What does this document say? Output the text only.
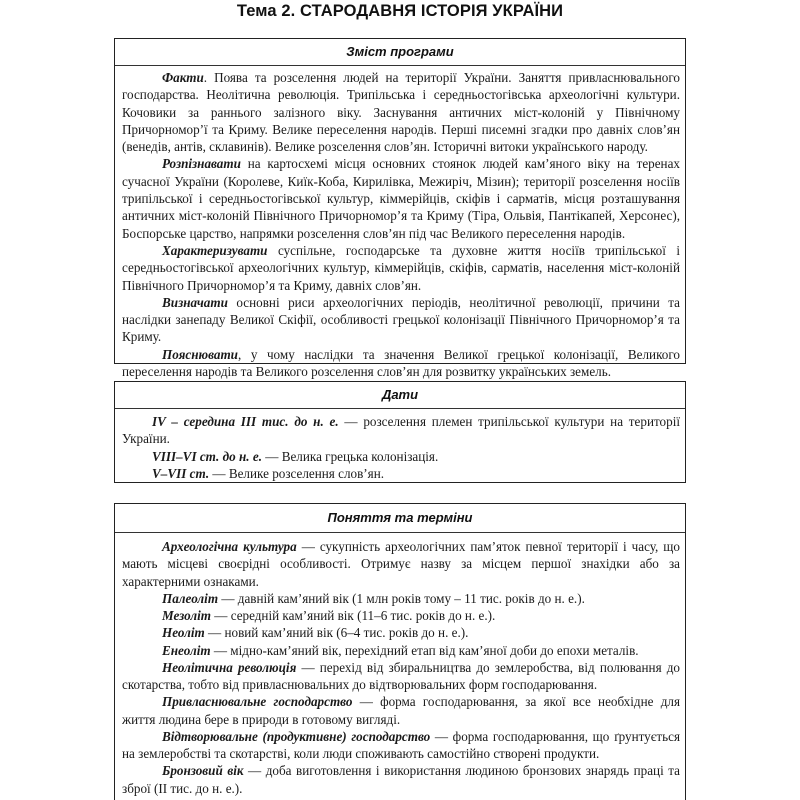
Тема 2. СТАРОДАВНЯ ІСТОРІЯ УКРАЇНИ
Зміст програми

Факти. Поява та розселення людей на території України. Заняття привласнювального господарства. Неолітична революція. Трипільська і середньостогівська археологічні культури. Кочовики за раннього залізного віку. Заснування античних міст-колоній у Північному Причорномор’ї та Криму. Велике переселення народів. Перші писемні згадки про давніх слов’ян (венедів, антів, склавинів). Велике розселення слов’ян. Історичні витоки українського народу.

Розпізнавати на картосхемі місця основних стоянок людей кам’яного віку на теренах сучасної України (Королеве, Киїк-Коба, Кирилівка, Межиріч, Мізин); території розселення носіїв трипільської і середньостогівської культур, кіммерійців, скіфів і сарматів, місця розташування античних міст-колоній Північного Причорномор’я та Криму (Тіра, Ольвія, Пантікапей, Херсонес), Боспорське царство, напрямки розселення слов’ян під час Великого переселення народів.

Характеризувати суспільне, господарське та духовне життя носіїв трипільської і середньостогівської археологічних культур, кіммерійців, скіфів, сарматів, населення міст-колоній Північного Причорномор’я та Криму, давніх слов’ян.

Визначати основні риси археологічних періодів, неолітичної революції, причини та наслідки занепаду Великої Скіфії, особливості грецької колонізації Північного Причорномор’я та Криму.

Пояснювати, у чому наслідки та значення Великої грецької колонізації, Великого переселення народів та Великого розселення слов’ян для розвитку українських земель.

Дати

IV – середина III тис. до н. е. — розселення племен трипільської культури на території України.

VIII–VI ст. до н. е. — Велика грецька колонізація.

V–VII ст. — Велике розселення слов’ян.

Поняття та терміни

Археологічна культура — сукупність археологічних пам’яток певної території і часу, що мають місцеві своєрідні особливості. Отримує назву за місцем першої знахідки або за характерними ознаками.

Палеоліт — давній кам’яний вік (1 млн років тому – 11 тис. років до н. е.).

Мезоліт — середній кам’яний вік (11–6 тис. років до н. е.).

Неоліт — новий кам’яний вік (6–4 тис. років до н. е.).

Енеоліт — мідно-кам’яний вік, перехідний етап від кам’яної доби до епохи металів.

Неолітична революція — перехід від збиральництва до землеробства, від полювання до скотарства, тобто від привласнювальних до відтворювальних форм господарювання.

Привласнювальне господарство — форма господарювання, за якої все необхідне для життя людина бере в природи в готовому вигляді.

Відтворювальне (продуктивне) господарство — форма господарювання, що ґрунтується на землеробстві та скотарстві, коли люди споживають самостійно створені продукти.

Бронзовий вік — доба виготовлення і використання людиною бронзових знарядь праці та зброї (ІІ тис. до н. е.).
